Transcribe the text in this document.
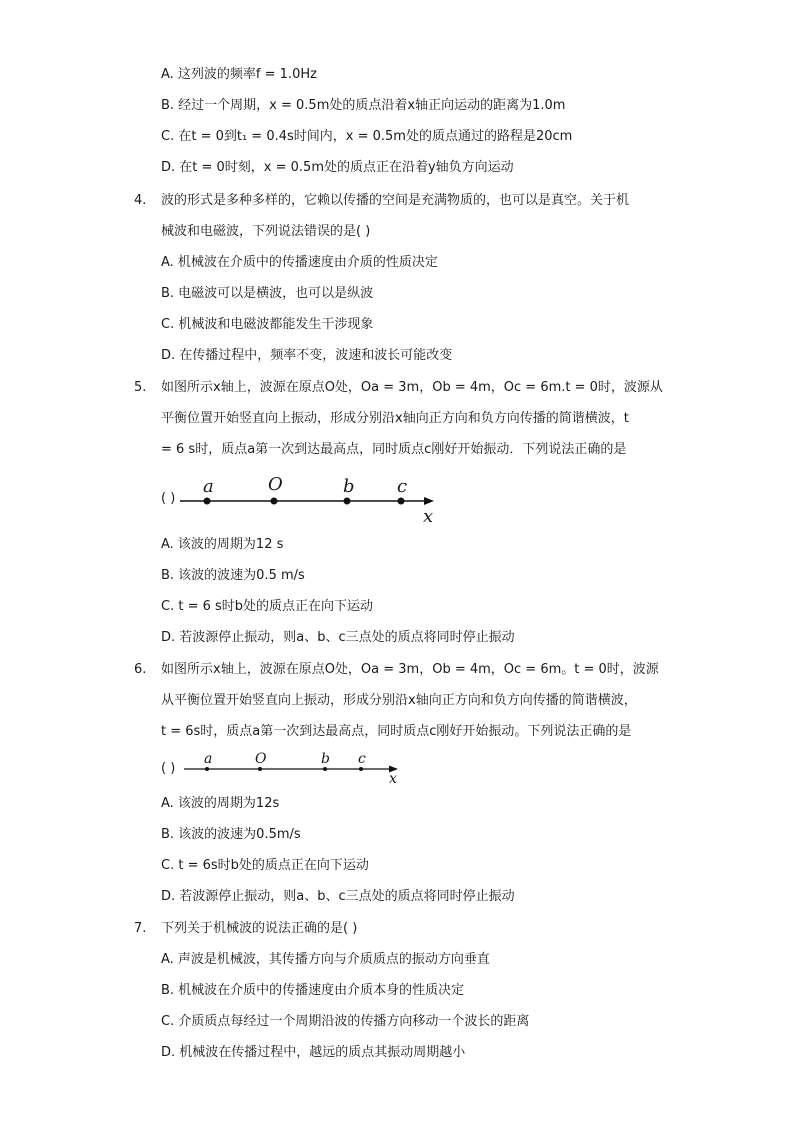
A. 这列波的频率f = 1.0Hz
B. 经过一个周期，x = 0.5m处的质点沿着x轴正向运动的距离为1.0m
C. 在t = 0到t₁ = 0.4s时间内，x = 0.5m处的质点通过的路程是20cm
D. 在t = 0时刻，x = 0.5m处的质点正在沿着y轴负方向运动
4. 波的形式是多种多样的，它赖以传播的空间是充满物质的，也可以是真空。关于机
械波和电磁波，下列说法错误的是( )
A. 机械波在介质中的传播速度由介质的性质决定
B. 电磁波可以是横波，也可以是纵波
C. 机械波和电磁波都能发生干涉现象
D. 在传播过程中，频率不变，波速和波长可能改变
5. 如图所示x轴上，波源在原点O处，Oa = 3m，Ob = 4m，Oc = 6m.t = 0时，波源从
平衡位置开始竖直向上振动，形成分别沿x轴向正方向和负方向传播的简谐横波，t
= 6 s时，质点a第一次到达最高点，同时质点c刚好开始振动．下列说法正确的是
( )
a	O	b c
x
A. 该波的周期为12 s
B. 该波的波速为0.5 m/s
C. t = 6 s时b处的质点正在向下运动
D. 若波源停止振动，则a、b、c三点处的质点将同时停止振动
6. 如图所示x轴上，波源在原点O处，Oa = 3m，Ob = 4m，Oc = 6m。t = 0时，波源
从平衡位置开始竖直向上振动，形成分别沿x轴向正方向和负方向传播的简谐横波，
t = 6s时，质点a第一次到达最高点，同时质点c刚好开始振动。下列说法正确的是
( )
a	O	b c
x
A. 该波的周期为12s
B. 该波的波速为0.5m/s
C. t = 6s时b处的质点正在向下运动
D. 若波源停止振动，则a、b、c三点处的质点将同时停止振动
7. 下列关于机械波的说法正确的是( )
A. 声波是机械波，其传播方向与介质质点的振动方向垂直
B. 机械波在介质中的传播速度由介质本身的性质决定
C. 介质质点每经过一个周期沿波的传播方向移动一个波长的距离
D. 机械波在传播过程中，越远的质点其振动周期越小
